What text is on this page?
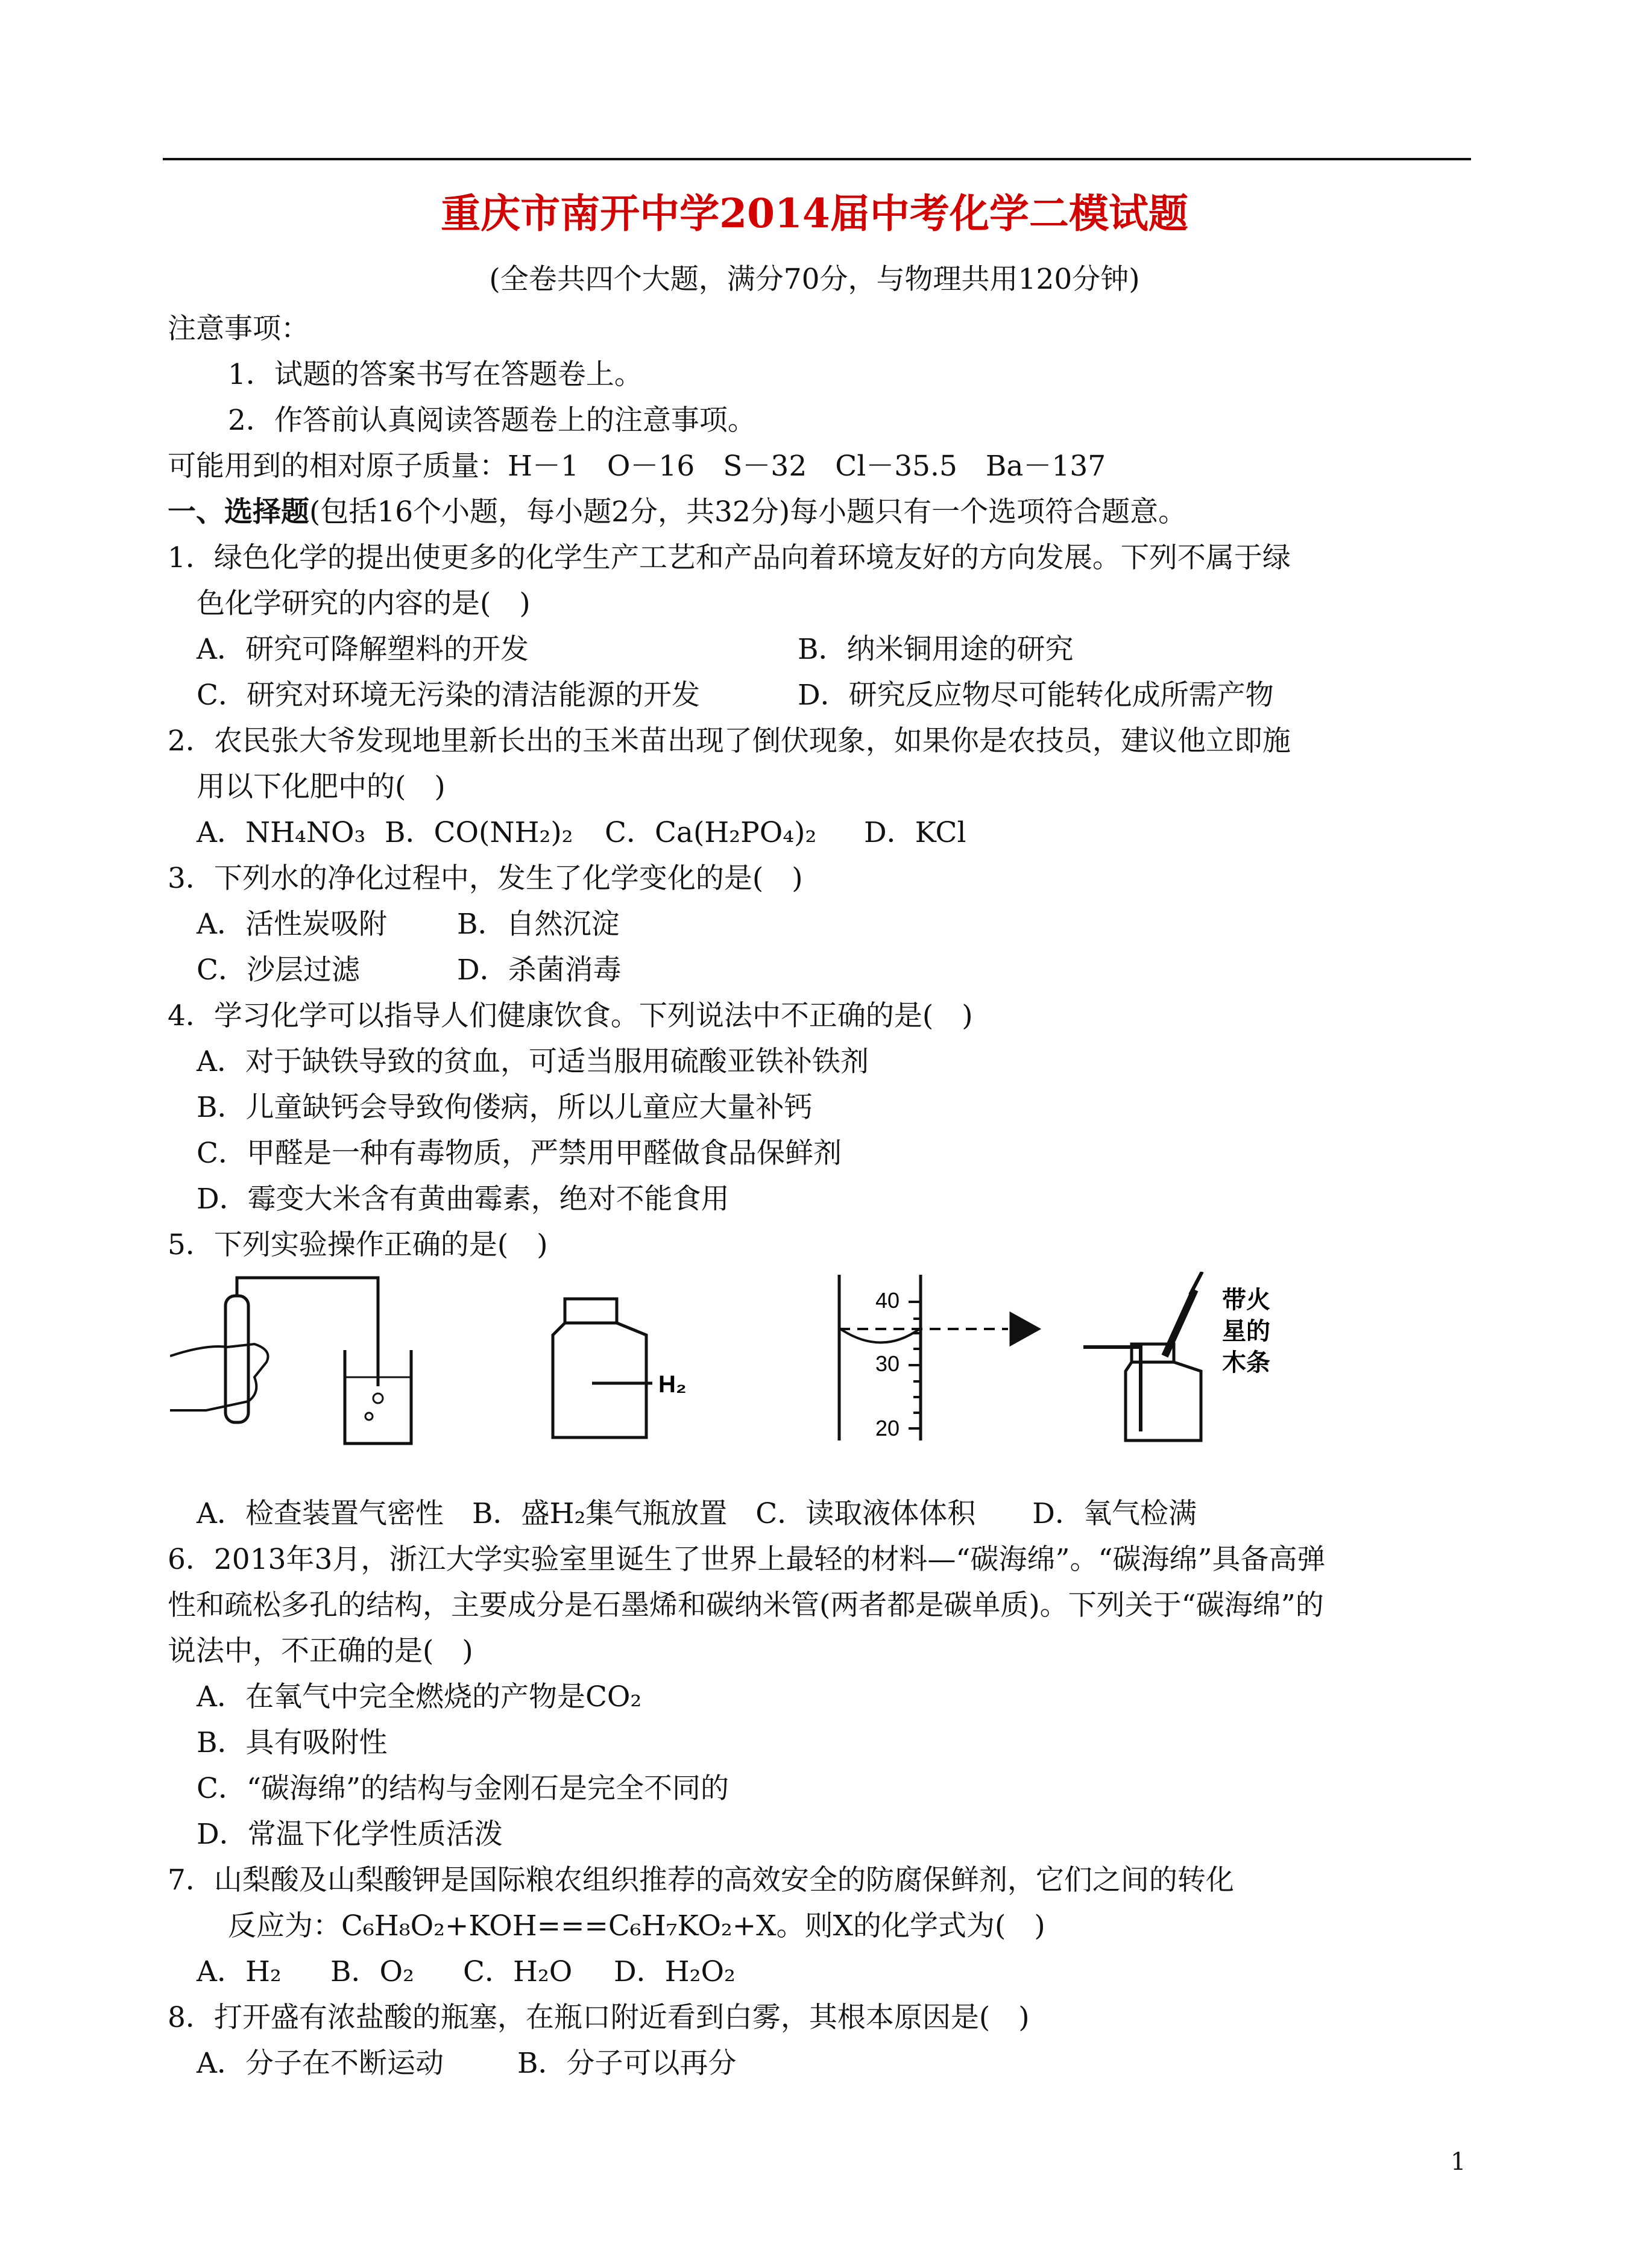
重庆市南开中学2014届中考化学二模试题
(全卷共四个大题，满分70分，与物理共用120分钟)
注意事项：
1．试题的答案书写在答题卷上。
2．作答前认真阅读答题卷上的注意事项。
可能用到的相对原子质量：H－1　O－16　S－32　Cl－35.5　Ba－137
一、选择题(包括16个小题，每小题2分，共32分)每小题只有一个选项符合题意。
1．绿色化学的提出使更多的化学生产工艺和产品向着环境友好的方向发展。下列不属于绿
色化学研究的内容的是(　)
A．研究可降解塑料的开发	B．纳米铜用途的研究
C．研究对环境无污染的清洁能源的开发	D．研究反应物尽可能转化成所需产物
2．农民张大爷发现地里新长出的玉米苗出现了倒伏现象，如果你是农技员，建议他立即施
用以下化肥中的(　)
A．NH₄NO₃ B．CO(NH₂)₂ C．Ca(H₂PO₄)₂ D．KCl
3．下列水的净化过程中，发生了化学变化的是(　)
A．活性炭吸附 B．自然沉淀
C．沙层过滤	D．杀菌消毒
4．学习化学可以指导人们健康饮食。下列说法中不正确的是(　)
A．对于缺铁导致的贫血，可适当服用硫酸亚铁补铁剂
B．儿童缺钙会导致佝偻病，所以儿童应大量补钙
C．甲醛是一种有毒物质，严禁用甲醛做食品保鲜剂
D．霉变大米含有黄曲霉素，绝对不能食用
5．下列实验操作正确的是(　)
H₂
40
30
20
带火
星的
木条
A．检查装置气密性　B．盛H₂集气瓶放置　C．读取液体体积　　D．氧气检满
6．2013年3月，浙江大学实验室里诞生了世界上最轻的材料—“碳海绵”。“碳海绵”具备高弹
性和疏松多孔的结构，主要成分是石墨烯和碳纳米管(两者都是碳单质)。下列关于“碳海绵”的
说法中，不正确的是(　)
A．在氧气中完全燃烧的产物是CO₂
B．具有吸附性
C．“碳海绵”的结构与金刚石是完全不同的
D．常温下化学性质活泼
7．山梨酸及山梨酸钾是国际粮农组织推荐的高效安全的防腐保鲜剂，它们之间的转化
反应为：C₆H₈O₂+KOH===C₆H₇KO₂+X。则X的化学式为(　)
A．H₂ B．O₂ C．H₂O D．H₂O₂
8．打开盛有浓盐酸的瓶塞，在瓶口附近看到白雾，其根本原因是(　)
A．分子在不断运动	B．分子可以再分
1
